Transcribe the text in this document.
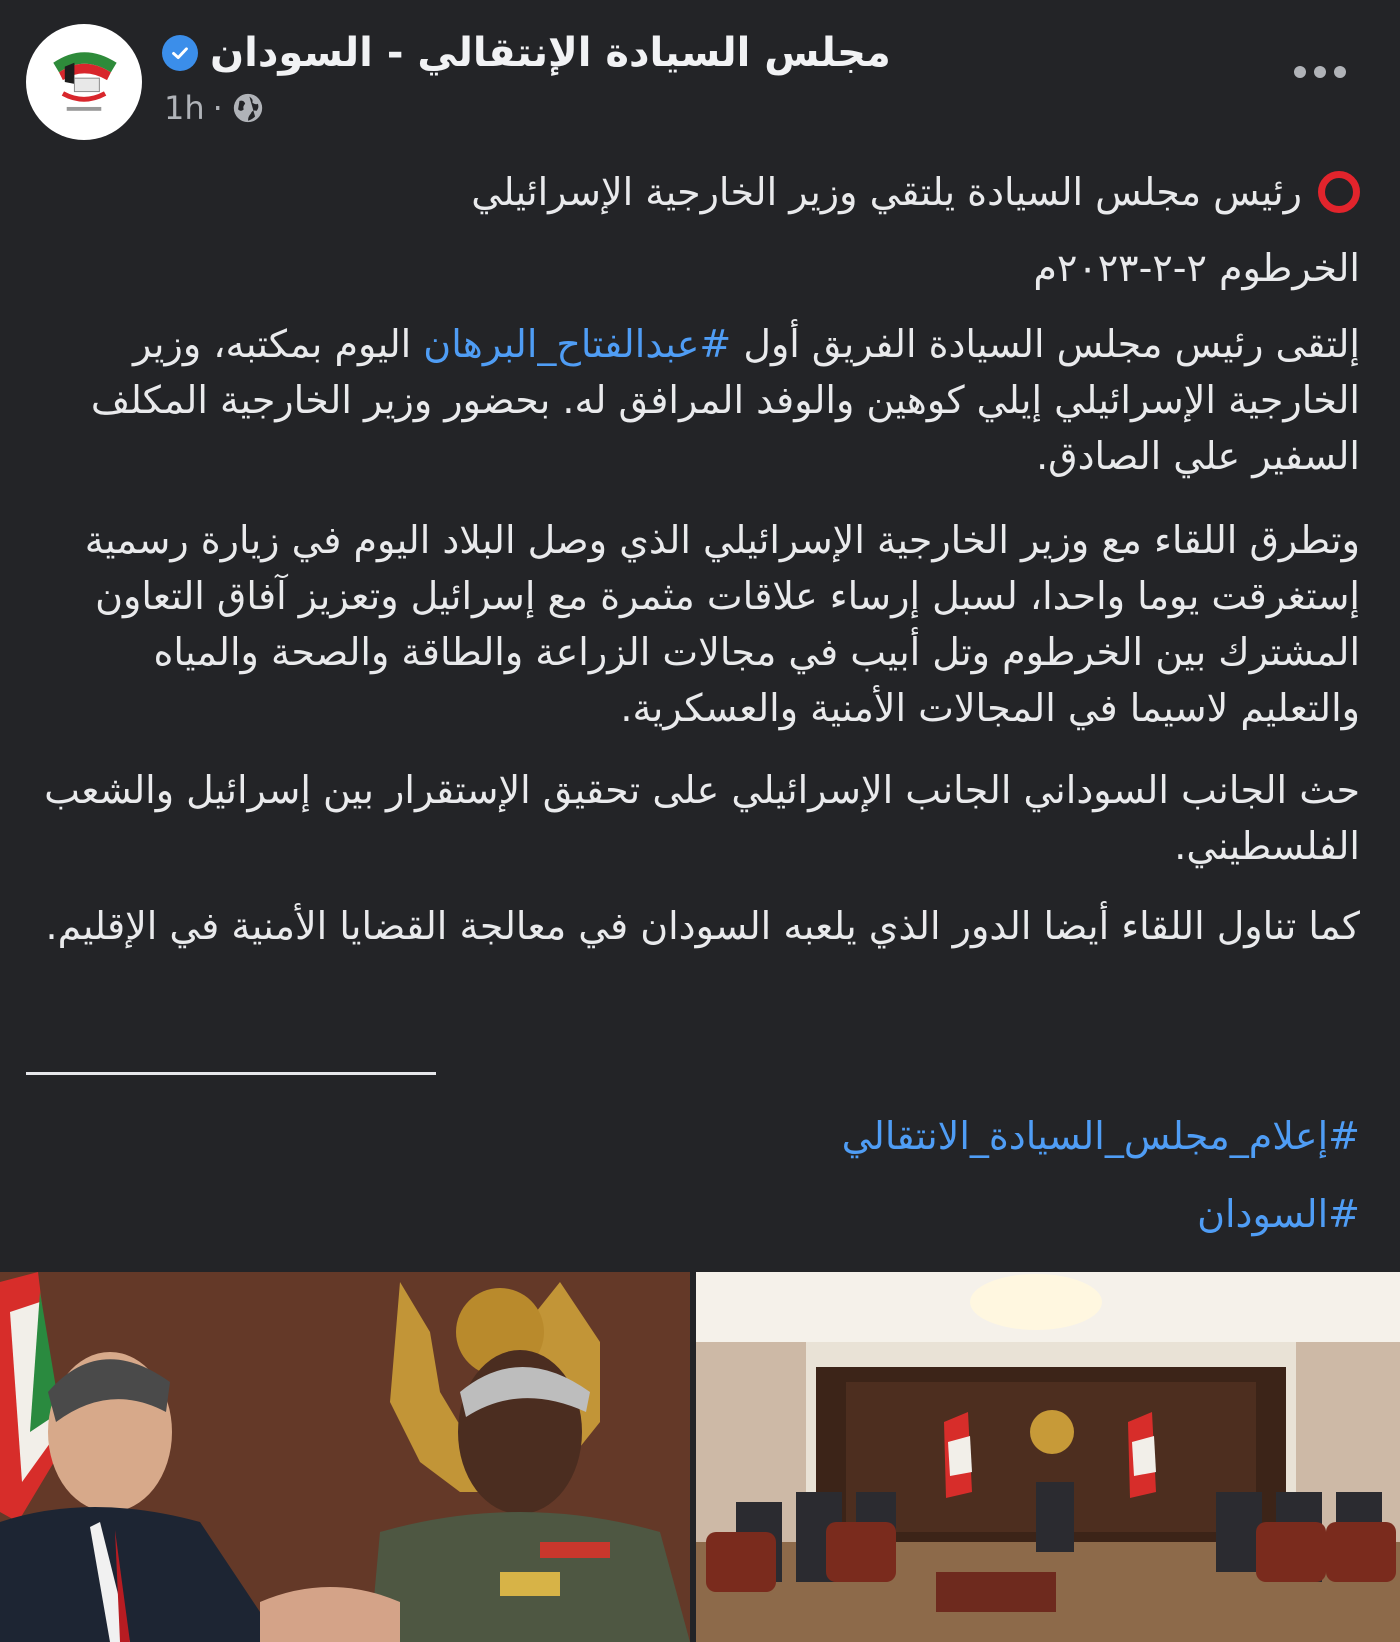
مجلس السيادة الإنتقالي - السودان
1h ·
رئيس مجلس السيادة يلتقي وزير الخارجية الإسرائيلي
الخرطوم ٢-٢-٢٠٢٣م
إلتقى رئيس مجلس السيادة الفريق أول #عبدالفتاح_البرهان اليوم بمكتبه، وزير الخارجية الإسرائيلي إيلي كوهين والوفد المرافق له. بحضور وزير الخارجية المكلف السفير علي الصادق.
وتطرق اللقاء مع وزير الخارجية الإسرائيلي الذي وصل البلاد اليوم في زيارة رسمية إستغرقت يوما واحدا، لسبل إرساء علاقات مثمرة مع إسرائيل وتعزيز آفاق التعاون المشترك بين الخرطوم وتل أبيب في مجالات الزراعة والطاقة والصحة والمياه والتعليم لاسيما في المجالات الأمنية والعسكرية.
حث الجانب السوداني الجانب الإسرائيلي على تحقيق الإستقرار بين إسرائيل والشعب الفلسطيني.
كما تناول اللقاء أيضا الدور الذي يلعبه السودان في معالجة القضايا الأمنية في الإقليم.
#إعلام_مجلس_السيادة_الانتقالي
#السودان
